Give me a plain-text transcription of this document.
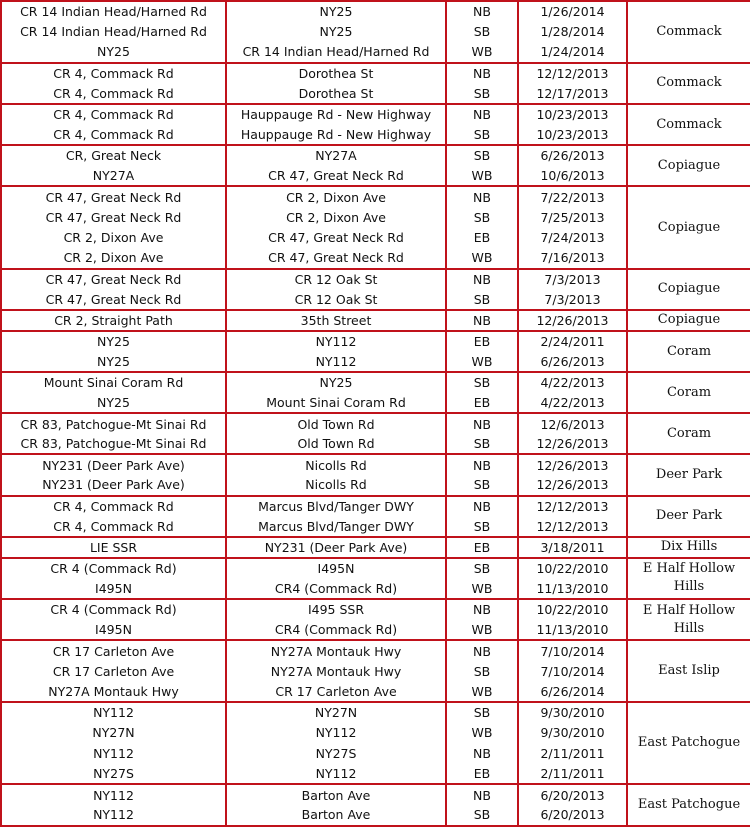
CR 14 Indian Head/Harned Rd	NY25	NB	1/26/2014	Commack
CR 14 Indian Head/Harned Rd	NY25	SB	1/28/2014	
NY25	CR 14 Indian Head/Harned Rd	WB	1/24/2014	
CR 4, Commack Rd	Dorothea St	NB	12/12/2013	Commack
CR 4, Commack Rd	Dorothea St	SB	12/17/2013	
CR 4, Commack Rd	Hauppauge Rd - New Highway	NB	10/23/2013	Commack
CR 4, Commack Rd	Hauppauge Rd - New Highway	SB	10/23/2013	
CR, Great Neck	NY27A	SB	6/26/2013	Copiague
NY27A	CR 47, Great Neck Rd	WB	10/6/2013	
CR 47, Great Neck Rd	CR 2, Dixon Ave	NB	7/22/2013	Copiague
CR 47, Great Neck Rd	CR 2, Dixon Ave	SB	7/25/2013	
CR 2, Dixon Ave	CR 47, Great Neck Rd	EB	7/24/2013	
CR 2, Dixon Ave	CR 47, Great Neck Rd	WB	7/16/2013	
CR 47, Great Neck Rd	CR 12 Oak St	NB	7/3/2013	Copiague
CR 47, Great Neck Rd	CR 12 Oak St	SB	7/3/2013	
CR 2, Straight Path	35th Street	NB	12/26/2013	Copiague
NY25	NY112	EB	2/24/2011	Coram
NY25	NY112	WB	6/26/2013	
Mount Sinai Coram Rd	NY25	SB	4/22/2013	Coram
NY25	Mount Sinai Coram Rd	EB	4/22/2013	
CR 83, Patchogue-Mt Sinai Rd	Old Town Rd	NB	12/6/2013	Coram
CR 83, Patchogue-Mt Sinai Rd	Old Town Rd	SB	12/26/2013	
NY231 (Deer Park Ave)	Nicolls Rd	NB	12/26/2013	Deer Park
NY231 (Deer Park Ave)	Nicolls Rd	SB	12/26/2013	
CR 4, Commack Rd	Marcus Blvd/Tanger DWY	NB	12/12/2013	Deer Park
CR 4, Commack Rd	Marcus Blvd/Tanger DWY	SB	12/12/2013	
LIE SSR	NY231 (Deer Park Ave)	EB	3/18/2011	Dix Hills
CR 4 (Commack Rd)	I495N	SB	10/22/2010	E Half Hollow Hills
I495N	CR4 (Commack Rd)	WB	11/13/2010	
CR 4 (Commack Rd)	I495 SSR	NB	10/22/2010	E Half Hollow Hills
I495N	CR4 (Commack Rd)	WB	11/13/2010	
CR 17 Carleton Ave	NY27A Montauk Hwy	NB	7/10/2014	East Islip
CR 17 Carleton Ave	NY27A Montauk Hwy	SB	7/10/2014	
NY27A Montauk Hwy	CR 17 Carleton Ave	WB	6/26/2014	
NY112	NY27N	SB	9/30/2010	East Patchogue
NY27N	NY112	WB	9/30/2010	
NY112	NY27S	NB	2/11/2011	
NY27S	NY112	EB	2/11/2011	
NY112	Barton Ave	NB	6/20/2013	East Patchogue
NY112	Barton Ave	SB	6/20/2013	
